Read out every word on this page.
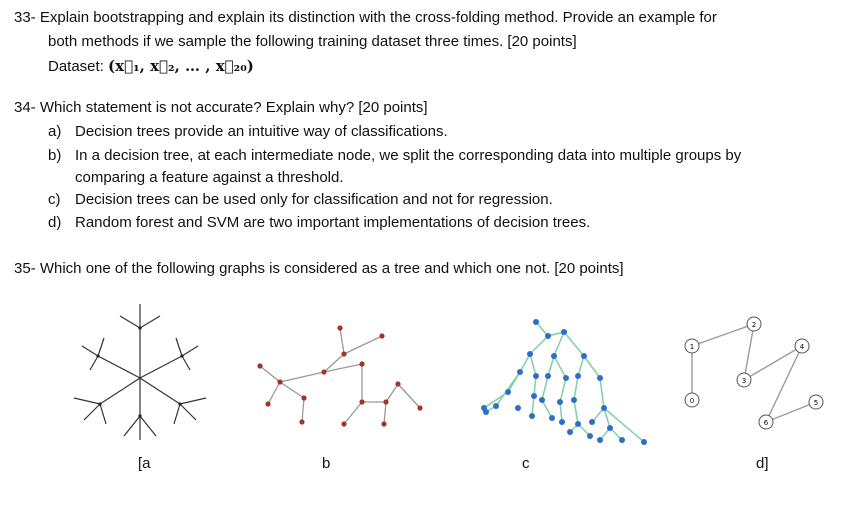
33- Explain bootstrapping and explain its distinction with the cross-folding method. Provide an example for
both methods if we sample the following training dataset three times. [20 points]
Dataset: (x⃗₁, x⃗₂, … , x⃗₂₀)
34- Which statement is not accurate? Explain why? [20 points]
a) Decision trees provide an intuitive way of classifications.
b) In a decision tree, at each intermediate node, we split the corresponding data into multiple groups by
comparing a feature against a threshold.
c) Decision trees can be used only for classification and not for regression.
d) Random forest and SVM are two important implementations of decision trees.
35- Which one of the following graphs is considered as a tree and which one not. [20 points]
0
1
2
3
4
5
6
[a	b	c	d]
